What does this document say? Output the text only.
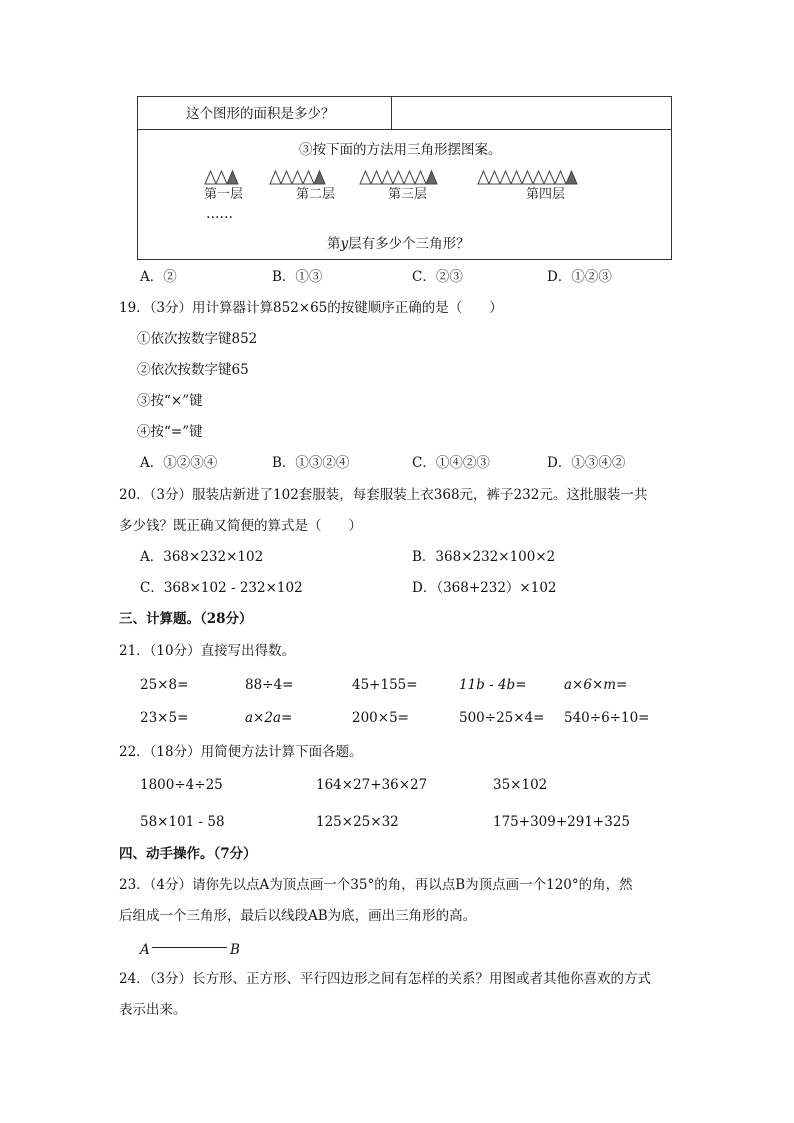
这个图形的面积是多少？
③按下面的方法用三角形摆图案。
第一层	第二层	第三层	第四层
……
第y层有多少个三角形？
A．②	B．①③	C．②③	D．①②③
19．（3分）用计算器计算852×65的按键顺序正确的是（　　）
①依次按数字键852
②依次按数字键65
③按“×”键
④按“=”键
A．①②③④	B．①③②④	C．①④②③	D．①③④②
20．（3分）服装店新进了102套服装，每套服装上衣368元，裤子232元。这批服装一共
多少钱？既正确又简便的算式是（　　）
A．368×232×102	B．368×232×100×2
C．368×102 - 232×102	D．（368+232）×102
三、计算题。（28分）
21．（10分）直接写出得数。
25×8=	88÷4=	45+155=	11b - 4b=	a×6×m=
23×5=	a×2a=	200×5=	500÷25×4= 540÷6÷10=
22．（18分）用简便方法计算下面各题。
1800÷4÷25	164×27+36×27	35×102
58×101 - 58	125×25×32	175+309+291+325
四、动手操作。（7分）
23．（4分）请你先以点A为顶点画一个35°的角，再以点B为顶点画一个120°的角，然
后组成一个三角形，最后以线段AB为底，画出三角形的高。
A	B
24．（3分）长方形、正方形、平行四边形之间有怎样的关系？用图或者其他你喜欢的方式
表示出来。
